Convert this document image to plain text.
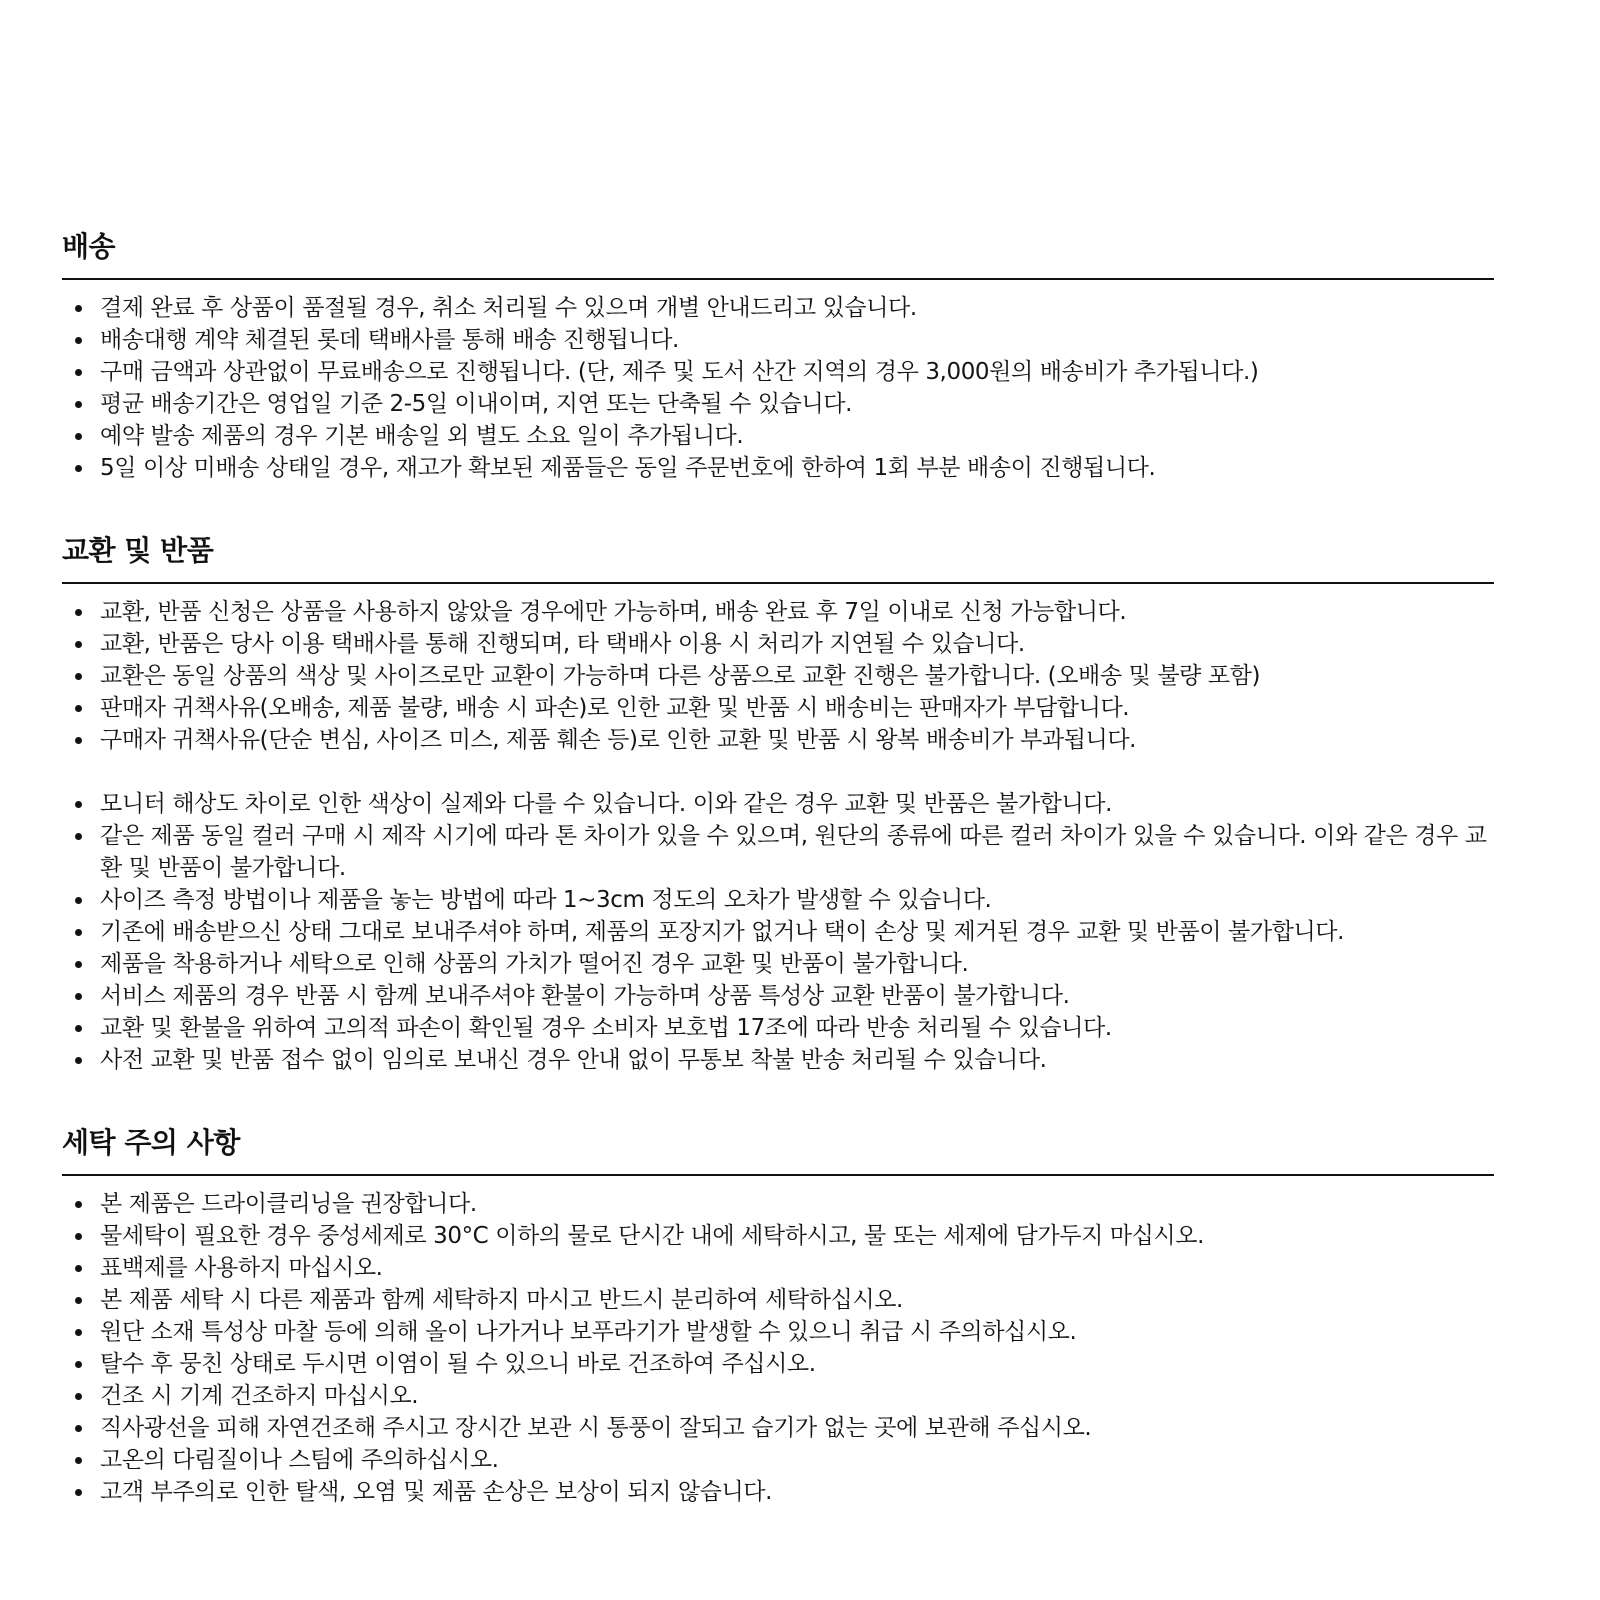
배송
결제 완료 후 상품이 품절될 경우, 취소 처리될 수 있으며 개별 안내드리고 있습니다.
배송대행 계약 체결된 롯데 택배사를 통해 배송 진행됩니다.
구매 금액과 상관없이 무료배송으로 진행됩니다. (단, 제주 및 도서 산간 지역의 경우 3,000원의 배송비가 추가됩니다.)
평균 배송기간은 영업일 기준 2-5일 이내이며, 지연 또는 단축될 수 있습니다.
예약 발송 제품의 경우 기본 배송일 외 별도 소요 일이 추가됩니다.
5일 이상 미배송 상태일 경우, 재고가 확보된 제품들은 동일 주문번호에 한하여 1회 부분 배송이 진행됩니다.
교환 및 반품
교환, 반품 신청은 상품을 사용하지 않았을 경우에만 가능하며, 배송 완료 후 7일 이내로 신청 가능합니다.
교환, 반품은 당사 이용 택배사를 통해 진행되며, 타 택배사 이용 시 처리가 지연될 수 있습니다.
교환은 동일 상품의 색상 및 사이즈로만 교환이 가능하며 다른 상품으로 교환 진행은 불가합니다. (오배송 및 불량 포함)
판매자 귀책사유(오배송, 제품 불량, 배송 시 파손)로 인한 교환 및 반품 시 배송비는 판매자가 부담합니다.
구매자 귀책사유(단순 변심, 사이즈 미스, 제품 훼손 등)로 인한 교환 및 반품 시 왕복 배송비가 부과됩니다.
모니터 해상도 차이로 인한 색상이 실제와 다를 수 있습니다. 이와 같은 경우 교환 및 반품은 불가합니다.
같은 제품 동일 컬러 구매 시 제작 시기에 따라 톤 차이가 있을 수 있으며, 원단의 종류에 따른 컬러 차이가 있을 수 있습니다. 이와 같은 경우 교환 및 반품이 불가합니다.
사이즈 측정 방법이나 제품을 놓는 방법에 따라 1~3cm 정도의 오차가 발생할 수 있습니다.
기존에 배송받으신 상태 그대로 보내주셔야 하며, 제품의 포장지가 없거나 택이 손상 및 제거된 경우 교환 및 반품이 불가합니다.
제품을 착용하거나 세탁으로 인해 상품의 가치가 떨어진 경우 교환 및 반품이 불가합니다.
서비스 제품의 경우 반품 시 함께 보내주셔야 환불이 가능하며 상품 특성상 교환 반품이 불가합니다.
교환 및 환불을 위하여 고의적 파손이 확인될 경우 소비자 보호법 17조에 따라 반송 처리될 수 있습니다.
사전 교환 및 반품 접수 없이 임의로 보내신 경우 안내 없이 무통보 착불 반송 처리될 수 있습니다.
세탁 주의 사항
본 제품은 드라이클리닝을 권장합니다.
물세탁이 필요한 경우 중성세제로 30°C 이하의 물로 단시간 내에 세탁하시고, 물 또는 세제에 담가두지 마십시오.
표백제를 사용하지 마십시오.
본 제품 세탁 시 다른 제품과 함께 세탁하지 마시고 반드시 분리하여 세탁하십시오.
원단 소재 특성상 마찰 등에 의해 올이 나가거나 보푸라기가 발생할 수 있으니 취급 시 주의하십시오.
탈수 후 뭉친 상태로 두시면 이염이 될 수 있으니 바로 건조하여 주십시오.
건조 시 기계 건조하지 마십시오.
직사광선을 피해 자연건조해 주시고 장시간 보관 시 통풍이 잘되고 습기가 없는 곳에 보관해 주십시오.
고온의 다림질이나 스팀에 주의하십시오.
고객 부주의로 인한 탈색, 오염 및 제품 손상은 보상이 되지 않습니다.
